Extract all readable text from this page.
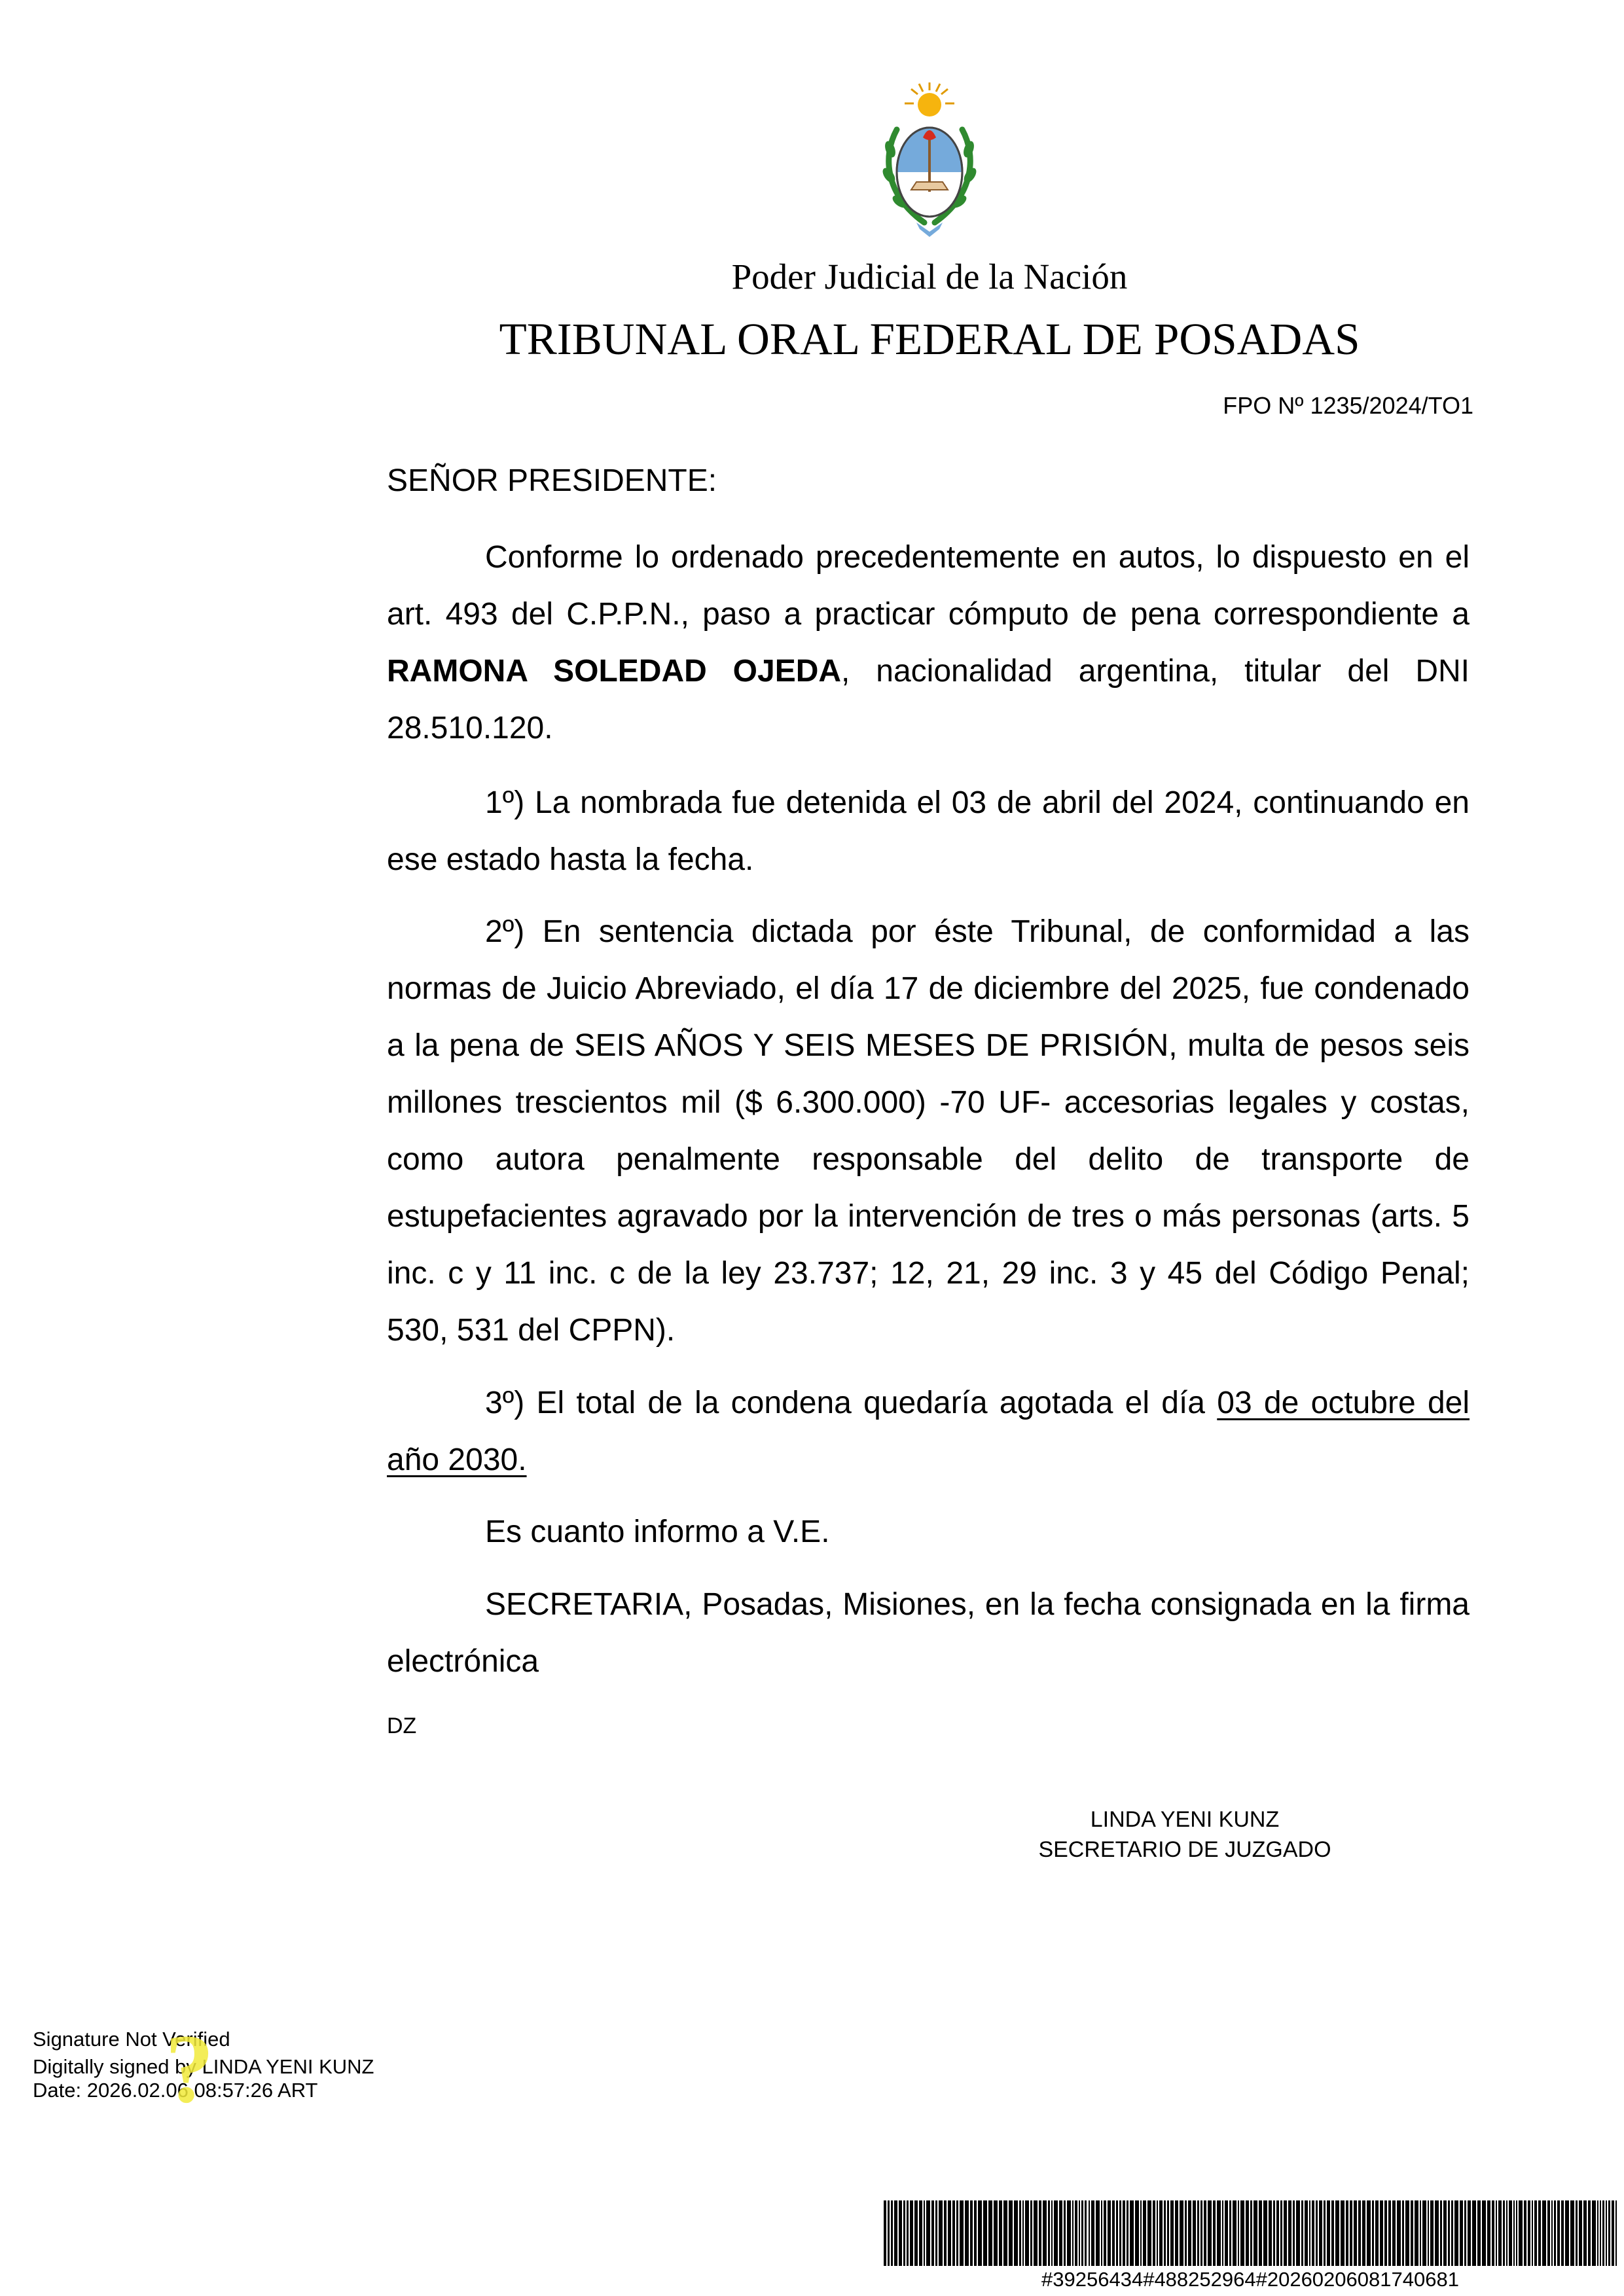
Poder Judicial de la Nación
TRIBUNAL ORAL FEDERAL DE POSADAS
FPO Nº 1235/2024/TO1
SEÑOR PRESIDENTE:

Conforme lo ordenado precedentemente en autos, lo dispuesto en el art. 493 del C.P.P.N., paso a practicar cómputo de pena correspondiente a RAMONA SOLEDAD OJEDA, nacionalidad argentina, titular del DNI 28.510.120.

1º) La nombrada fue detenida el 03 de abril del 2024, continuando en ese estado hasta la fecha.

2º) En sentencia dictada por éste Tribunal, de conformidad a las normas de Juicio Abreviado, el día 17 de diciembre del 2025, fue condenado a la pena de SEIS AÑOS Y SEIS MESES DE PRISIÓN, multa de pesos seis millones trescientos mil ($ 6.300.000) -70 UF- accesorias legales y costas, como autora penalmente responsable del delito de transporte de estupefacientes agravado por la intervención de tres o más personas (arts. 5 inc. c y 11 inc. c de la ley 23.737; 12, 21, 29 inc. 3 y 45 del Código Penal; 530, 531 del CPPN).

3º) El total de la condena quedaría agotada el día 03 de octubre del año 2030.

Es cuanto informo a V.E.

SECRETARIA, Posadas, Misiones, en la fecha consignada en la firma electrónica

DZ
LINDA YENI KUNZ
SECRETARIO DE JUZGADO
Signature Not Verified
Digitally signed by LINDA YENI KUNZ
Date: 2026.02.06 08:57:26 ART
?
#39256434#488252964#20260206081740681
